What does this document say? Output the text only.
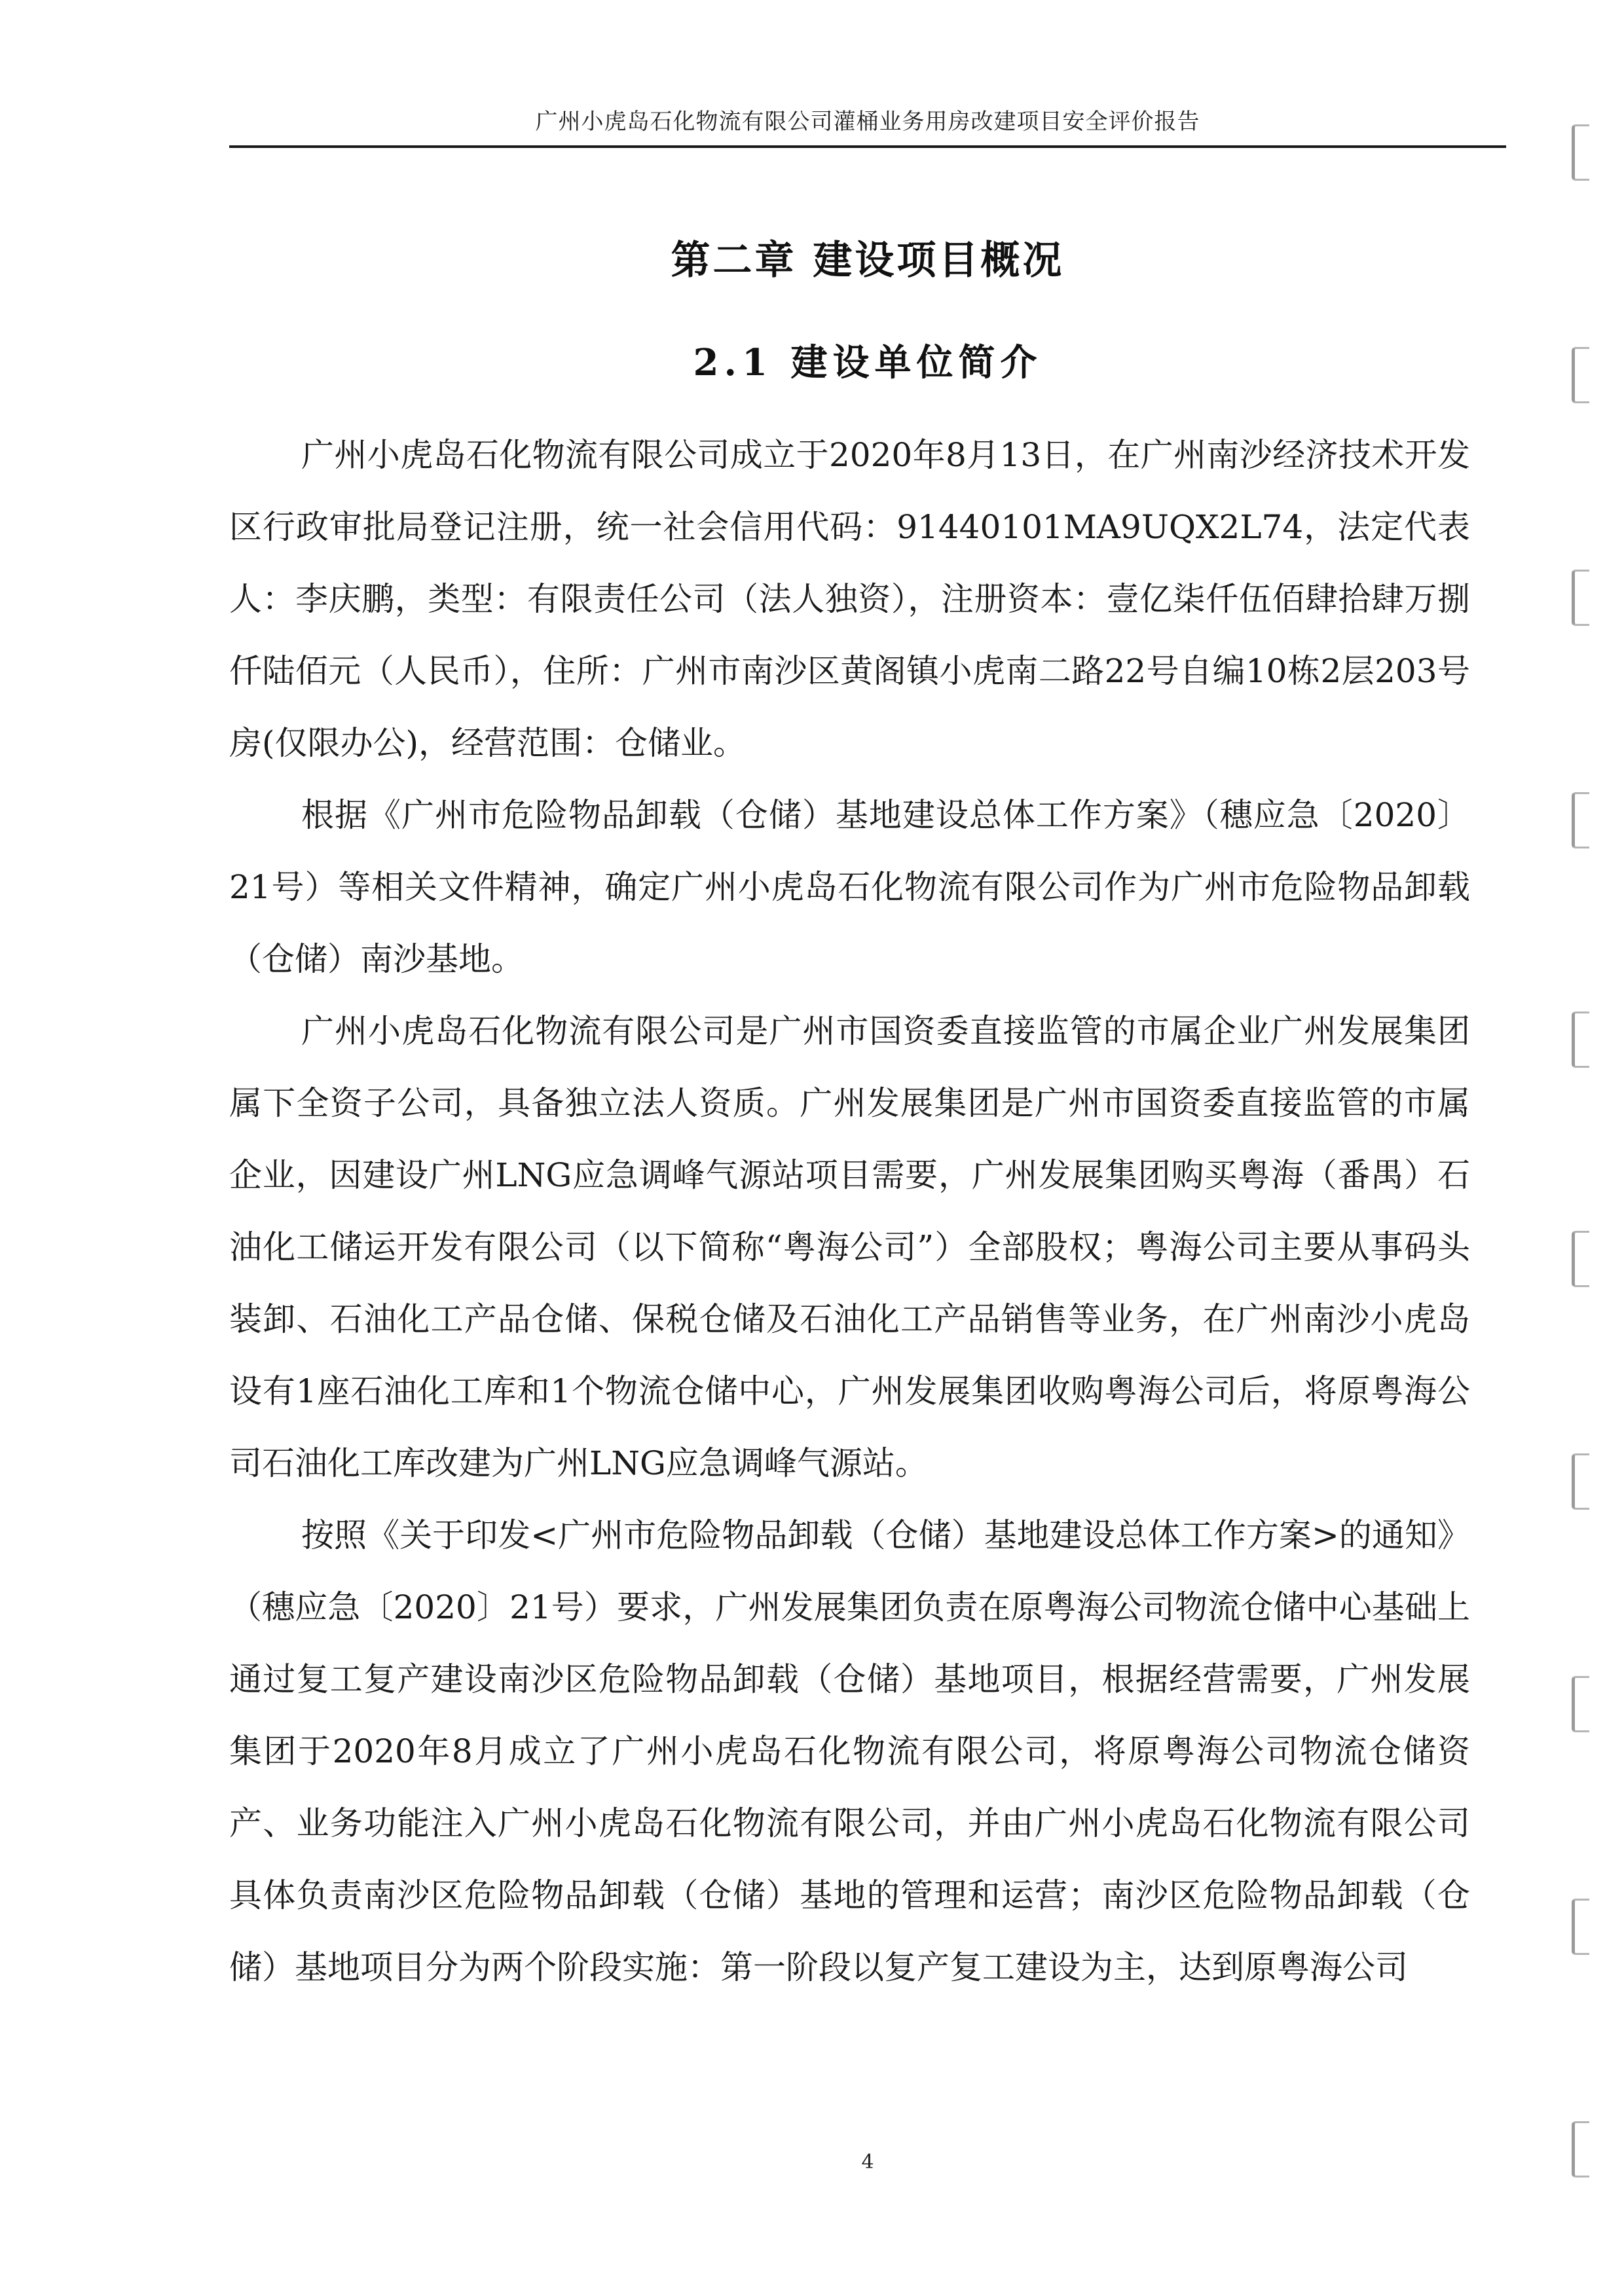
广州小虎岛石化物流有限公司灌桶业务用房改建项目安全评价报告
第二章 建设项目概况
2.1 建设单位简介

广州小虎岛石化物流有限公司成立于2020年8月13日，在广州南沙经济技术开发区行政审批局登记注册，统一社会信用代码：91440101MA9UQX2L74，法定代表人：李庆鹏，类型：有限责任公司（法人独资），注册资本：壹亿柒仟伍佰肆拾肆万捌仟陆佰元（人民币），住所：广州市南沙区黄阁镇小虎南二路22号自编10栋2层203号房(仅限办公)，经营范围：仓储业。

根据《广州市危险物品卸载（仓储）基地建设总体工作方案》（穗应急〔2020〕21号）等相关文件精神，确定广州小虎岛石化物流有限公司作为广州市危险物品卸载（仓储）南沙基地。

广州小虎岛石化物流有限公司是广州市国资委直接监管的市属企业广州发展集团属下全资子公司，具备独立法人资质。广州发展集团是广州市国资委直接监管的市属企业，因建设广州LNG应急调峰气源站项目需要，广州发展集团购买粤海（番禺）石油化工储运开发有限公司（以下简称“粤海公司”）全部股权；粤海公司主要从事码头装卸、石油化工产品仓储、保税仓储及石油化工产品销售等业务，在广州南沙小虎岛设有1座石油化工库和1个物流仓储中心，广州发展集团收购粤海公司后，将原粤海公司石油化工库改建为广州LNG应急调峰气源站。

按照《关于印发<广州市危险物品卸载（仓储）基地建设总体工作方案>的通知》（穗应急〔2020〕21号）要求，广州发展集团负责在原粤海公司物流仓储中心基础上通过复工复产建设南沙区危险物品卸载（仓储）基地项目，根据经营需要，广州发展集团于2020年8月成立了广州小虎岛石化物流有限公司，将原粤海公司物流仓储资产、业务功能注入广州小虎岛石化物流有限公司，并由广州小虎岛石化物流有限公司具体负责南沙区危险物品卸载（仓储）基地的管理和运营；南沙区危险物品卸载（仓储）基地项目分为两个阶段实施：第一阶段以复产复工建设为主，达到原粤海公司

4
